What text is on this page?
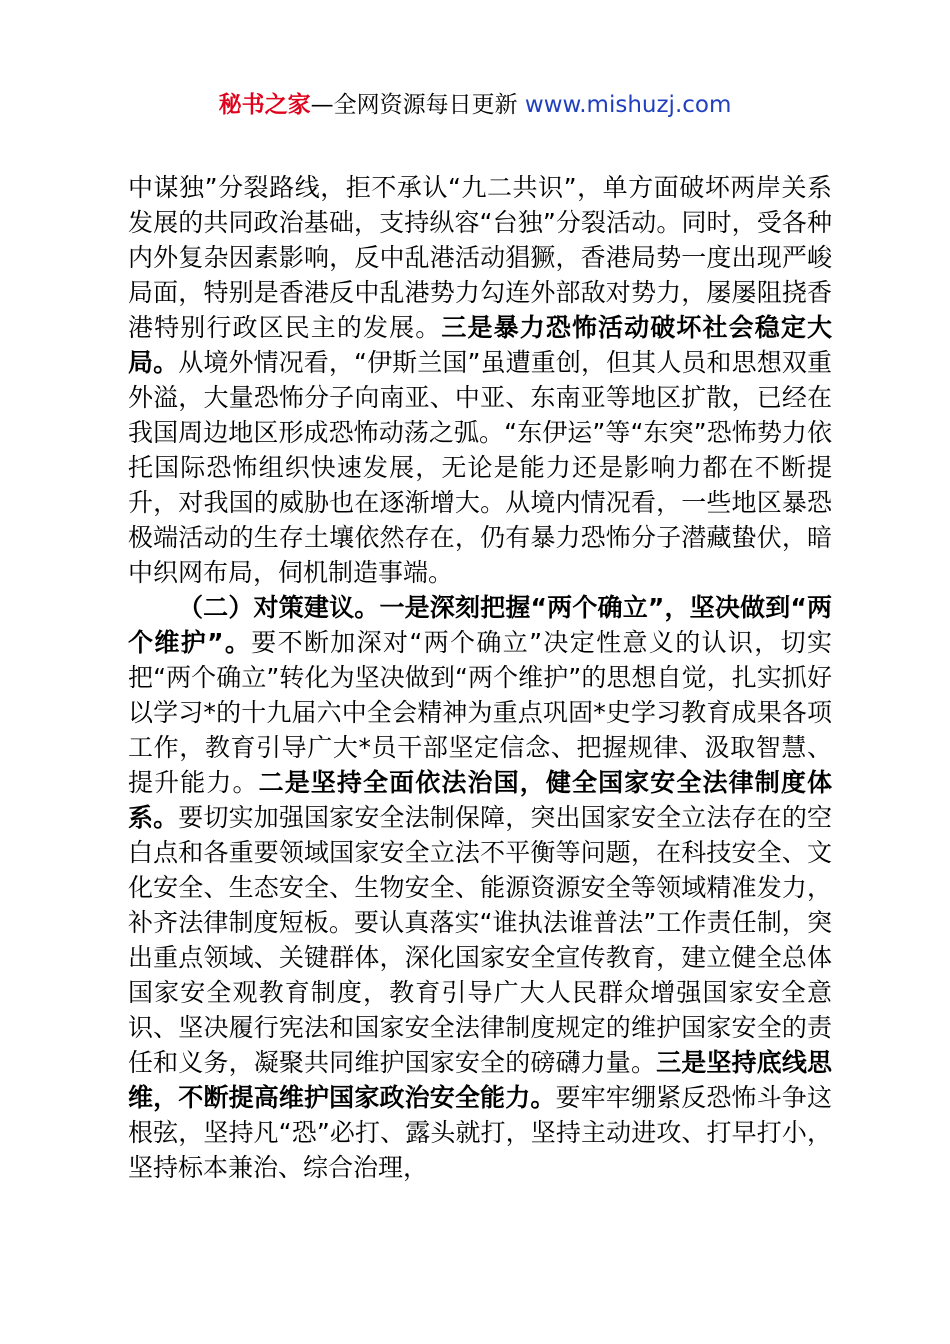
秘书之家—全网资源每日更新 www.mishuzj.com

中谋独”分裂路线，拒不承认“九二共识”，单方面破坏两岸关系发展的共同政治基础，支持纵容“台独”分裂活动。同时，受各种内外复杂因素影响，反中乱港活动猖獗，香港局势一度出现严峻局面，特别是香港反中乱港势力勾连外部敌对势力，屡屡阻挠香港特别行政区民主的发展。三是暴力恐怖活动破坏社会稳定大局。从境外情况看，“伊斯兰国”虽遭重创，但其人员和思想双重外溢，大量恐怖分子向南亚、中亚、东南亚等地区扩散，已经在我国周边地区形成恐怖动荡之弧。“东伊运”等“东突”恐怖势力依托国际恐怖组织快速发展，无论是能力还是影响力都在不断提升，对我国的威胁也在逐渐增大。从境内情况看，一些地区暴恐极端活动的生存土壤依然存在，仍有暴力恐怖分子潜藏蛰伏，暗中织网布局，伺机制造事端。

（二）对策建议。一是深刻把握“两个确立”，坚决做到“两个维护”。要不断加深对“两个确立”决定性意义的认识，切实把“两个确立”转化为坚决做到“两个维护”的思想自觉，扎实抓好以学习*的十九届六中全会精神为重点巩固*史学习教育成果各项工作，教育引导广大*员干部坚定信念、把握规律、汲取智慧、提升能力。二是坚持全面依法治国，健全国家安全法律制度体系。要切实加强国家安全法制保障，突出国家安全立法存在的空白点和各重要领域国家安全立法不平衡等问题，在科技安全、文化安全、生态安全、生物安全、能源资源安全等领域精准发力，补齐法律制度短板。要认真落实“谁执法谁普法”工作责任制，突出重点领域、关键群体，深化国家安全宣传教育，建立健全总体国家安全观教育制度，教育引导广大人民群众增强国家安全意识、坚决履行宪法和国家安全法律制度规定的维护国家安全的责任和义务，凝聚共同维护国家安全的磅礴力量。三是坚持底线思维，不断提高维护国家政治安全能力。要牢牢绷紧反恐怖斗争这根弦，坚持凡“恐”必打、露头就打，坚持主动进攻、打早打小，坚持标本兼治、综合治理，
